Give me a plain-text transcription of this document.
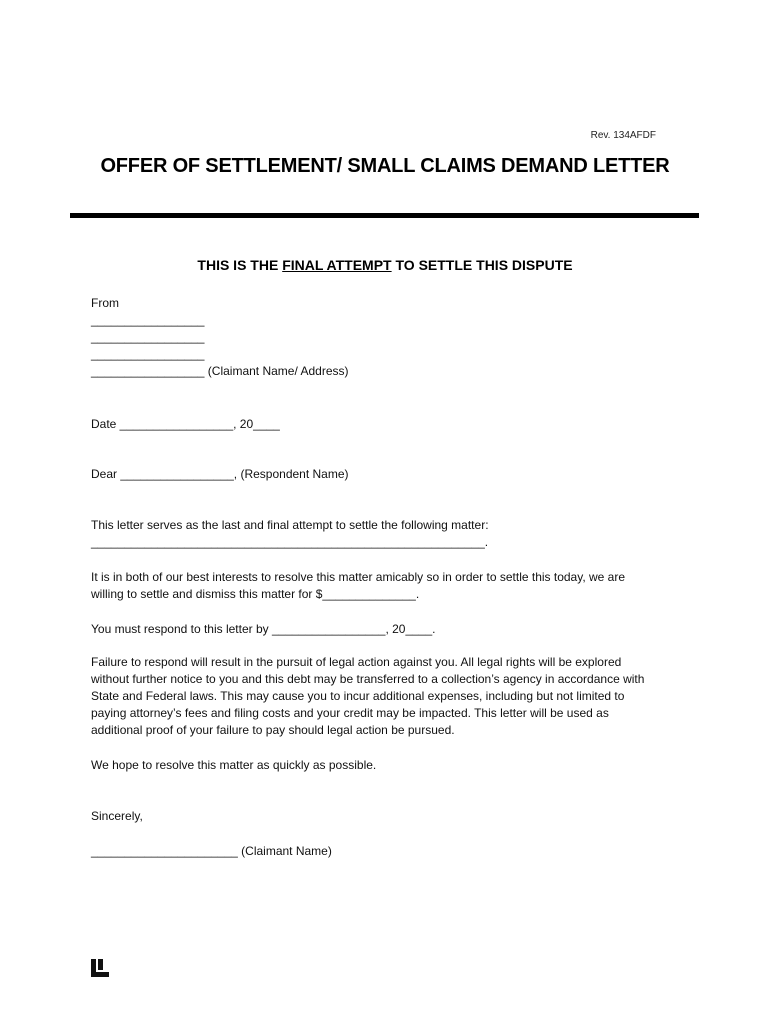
Rev. 134AFDF
OFFER OF SETTLEMENT/ SMALL CLAIMS DEMAND LETTER
THIS IS THE FINAL ATTEMPT TO SETTLE THIS DISPUTE
From
_________________
_________________
_________________
_________________ (Claimant Name/ Address)
Date _________________, 20____
Dear _________________, (Respondent Name)
This letter serves as the last and final attempt to settle the following matter:
___________________________________________________________.
It is in both of our best interests to resolve this matter amicably so in order to settle this today, we are
willing to settle and dismiss this matter for $______________.
You must respond to this letter by _________________, 20____.
Failure to respond will result in the pursuit of legal action against you. All legal rights will be explored
without further notice to you and this debt may be transferred to a collection’s agency in accordance with
State and Federal laws. This may cause you to incur additional expenses, including but not limited to
paying attorney’s fees and filing costs and your credit may be impacted. This letter will be used as
additional proof of your failure to pay should legal action be pursued.
We hope to resolve this matter as quickly as possible.
Sincerely,
______________________ (Claimant Name)
